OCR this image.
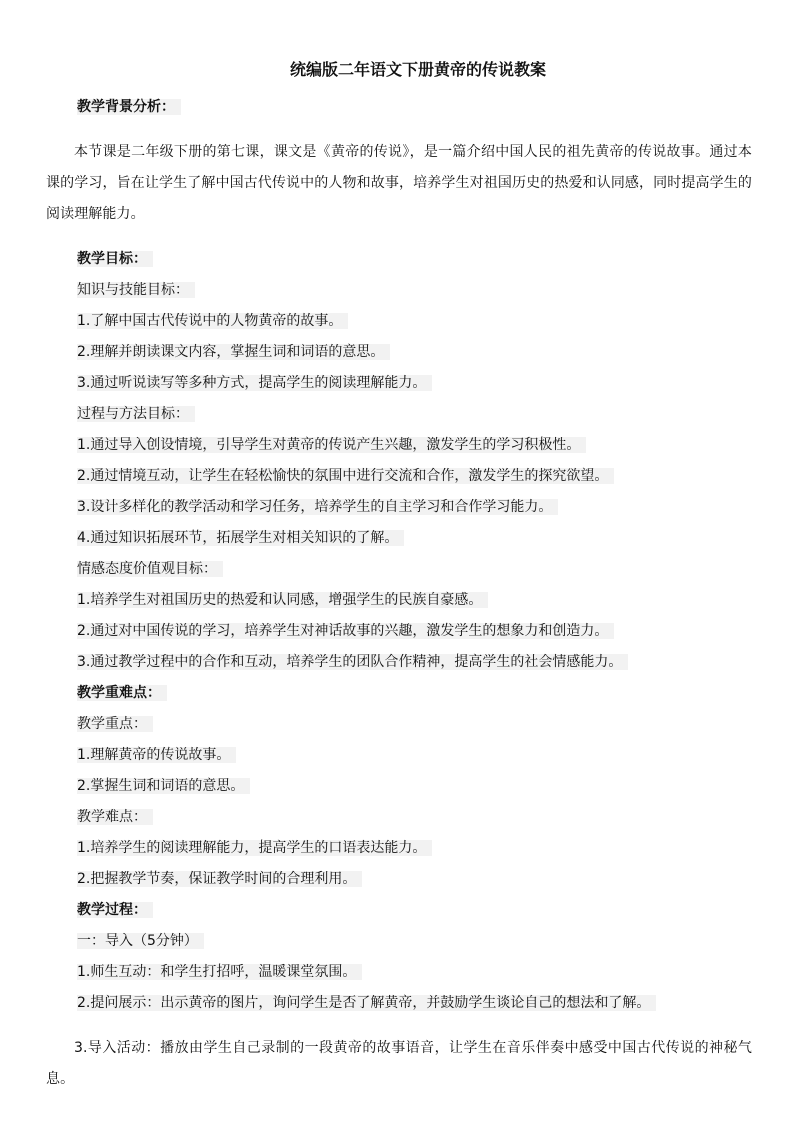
统编版二年语文下册黄帝的传说教案

教学背景分析：

本节课是二年级下册的第七课，课文是《黄帝的传说》，是一篇介绍中国人民的祖先黄帝的传说故事。通过本课的学习，旨在让学生了解中国古代传说中的人物和故事，培养学生对祖国历史的热爱和认同感，同时提高学生的阅读理解能力。

教学目标：

知识与技能目标：

1.了解中国古代传说中的人物黄帝的故事。

2.理解并朗读课文内容，掌握生词和词语的意思。

3.通过听说读写等多种方式，提高学生的阅读理解能力。

过程与方法目标：

1.通过导入创设情境，引导学生对黄帝的传说产生兴趣，激发学生的学习积极性。

2.通过情境互动，让学生在轻松愉快的氛围中进行交流和合作，激发学生的探究欲望。

3.设计多样化的教学活动和学习任务，培养学生的自主学习和合作学习能力。

4.通过知识拓展环节，拓展学生对相关知识的了解。

情感态度价值观目标：

1.培养学生对祖国历史的热爱和认同感，增强学生的民族自豪感。

2.通过对中国传说的学习，培养学生对神话故事的兴趣，激发学生的想象力和创造力。

3.通过教学过程中的合作和互动，培养学生的团队合作精神，提高学生的社会情感能力。

教学重难点：

教学重点：

1.理解黄帝的传说故事。

2.掌握生词和词语的意思。

教学难点：

1.培养学生的阅读理解能力，提高学生的口语表达能力。

2.把握教学节奏，保证教学时间的合理利用。

教学过程：

一：导入（5分钟）

1.师生互动：和学生打招呼，温暖课堂氛围。

2.提问展示：出示黄帝的图片，询问学生是否了解黄帝，并鼓励学生谈论自己的想法和了解。

3.导入活动：播放由学生自己录制的一段黄帝的故事语音，让学生在音乐伴奏中感受中国古代传说的神秘气息。
